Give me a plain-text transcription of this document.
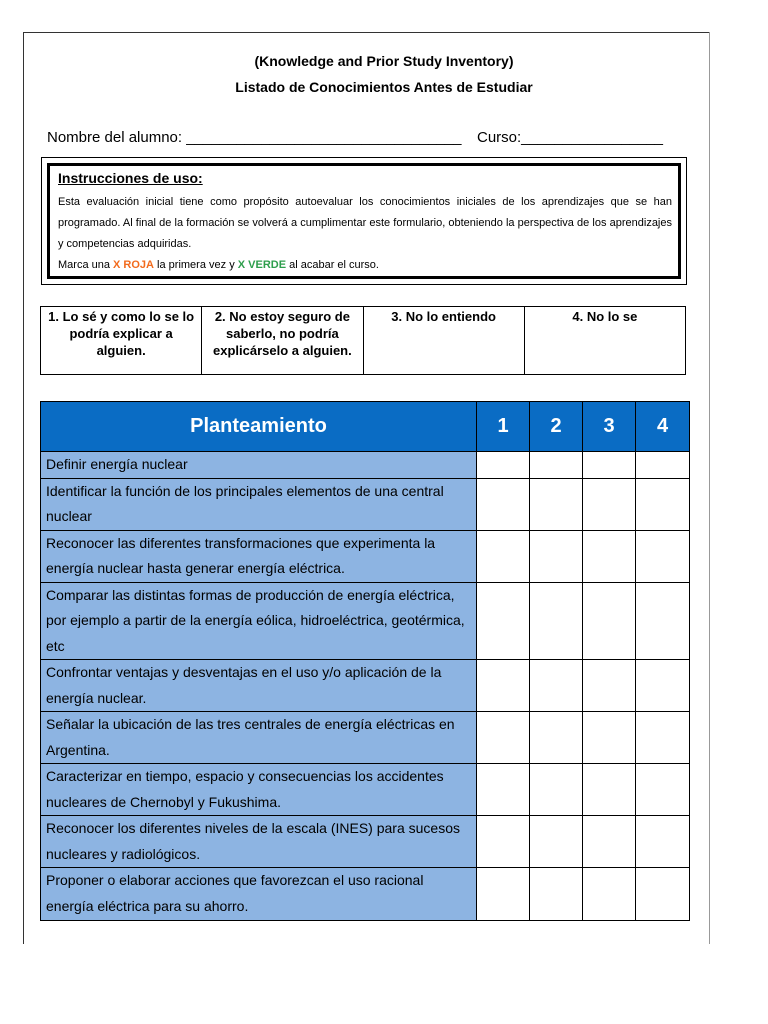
(Knowledge and Prior Study Inventory)
Listado de Conocimientos Antes de Estudiar
Nombre del alumno: _________________________________ Curso:_________________
Instrucciones de uso:
Esta evaluación inicial tiene como propósito autoevaluar los conocimientos iniciales de los aprendizajes que se han programado. Al final de la formación se volverá a cumplimentar este formulario, obteniendo la perspectiva de los aprendizajes y competencias adquiridas.
Marca una X ROJA la primera vez y X VERDE al acabar el curso.
1. Lo sé y como lo se lo podría explicar a alguien.	2. No estoy seguro de saberlo, no podría explicárselo a alguien.	3. No lo entiendo	4. No lo se
Planteamiento	1	2	3	4
Definir energía nuclear				
Identificar la función de los principales elementos de una central nuclear				
Reconocer las diferentes transformaciones que experimenta la energía nuclear hasta generar energía eléctrica.				
Comparar las distintas formas de producción de energía eléctrica, por ejemplo a partir de la energía eólica, hidroeléctrica, geotérmica, etc				
Confrontar ventajas y desventajas en el uso y/o aplicación de la energía nuclear.				
Señalar la ubicación de las tres centrales de energía eléctricas en Argentina.				
Caracterizar en tiempo, espacio y consecuencias los accidentes nucleares de Chernobyl y Fukushima.				
Reconocer los diferentes niveles de la escala (INES) para sucesos nucleares y radiológicos.				
Proponer o elaborar acciones que favorezcan el uso racional energía eléctrica para su ahorro.				
